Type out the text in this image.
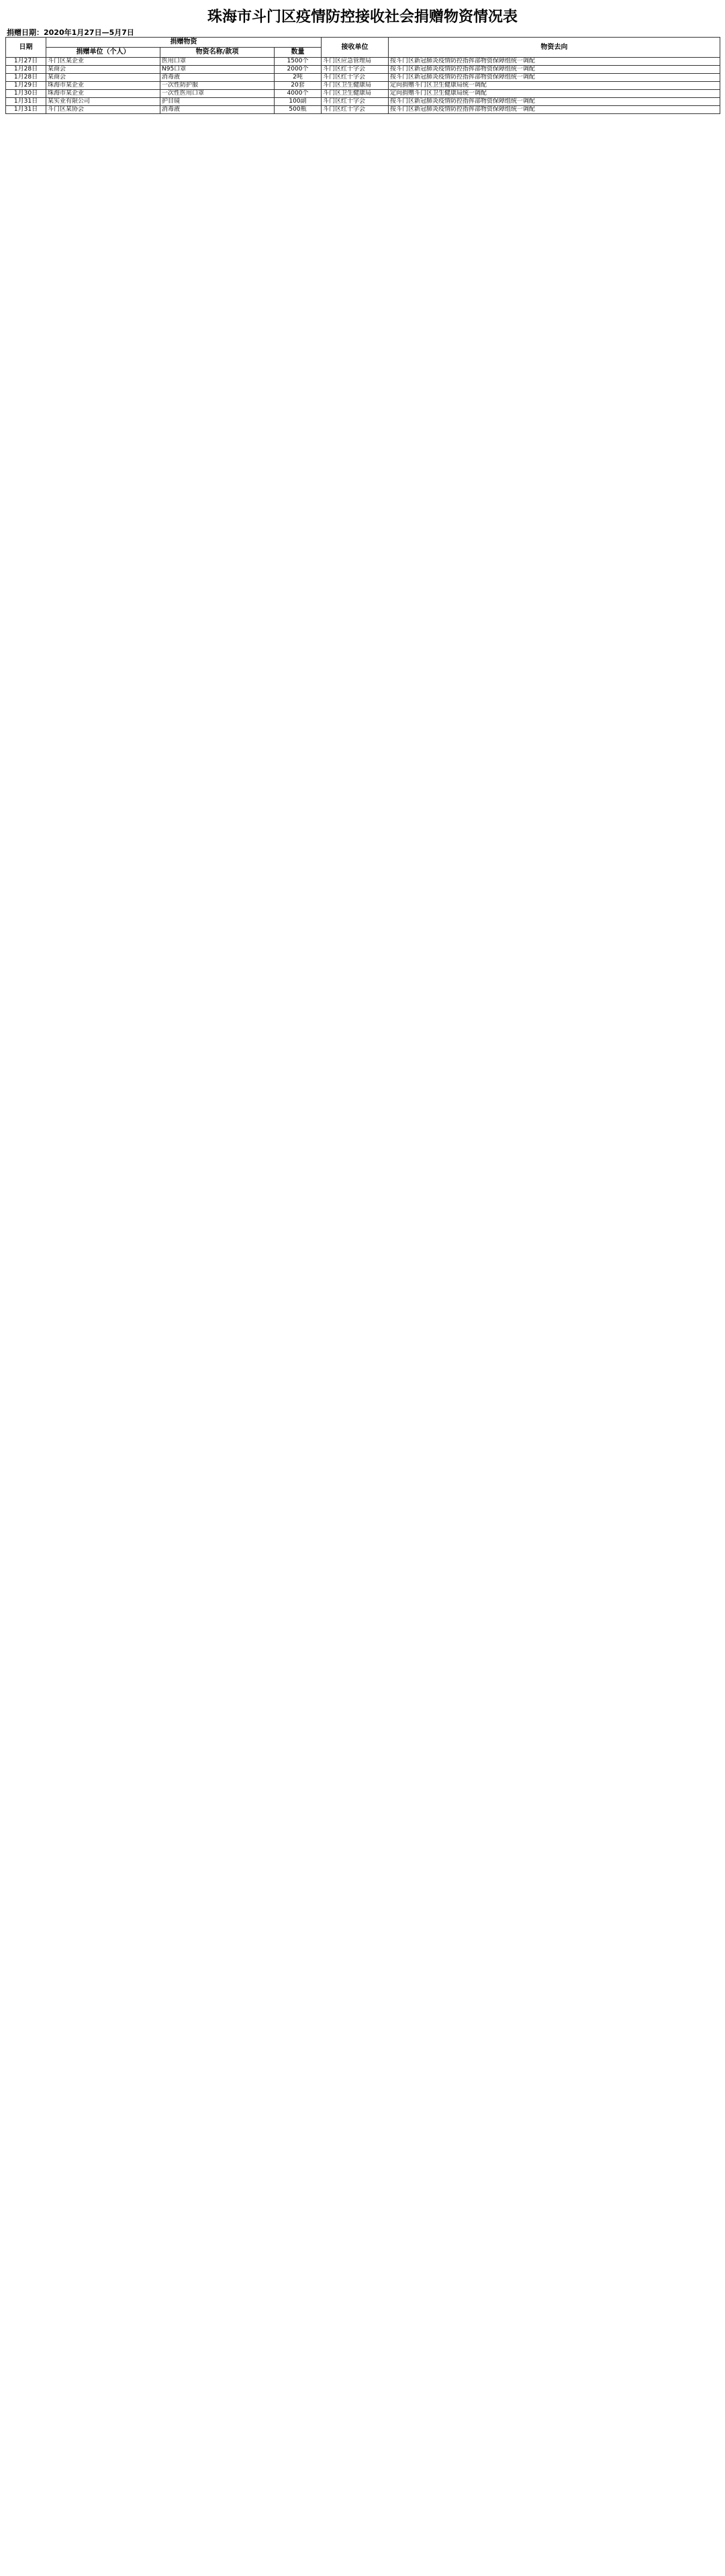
珠海市斗门区疫情防控接收社会捐赠物资情况表
捐赠日期：2020年1月27日—5月7日
日期	捐赠物资			接收单位	物资去向
	捐赠单位（个人）	物资名称/款项	数量		
1月27日	斗门区某企业	医用口罩	1500个	斗门区应急管理局	按斗门区新冠肺炎疫情防控指挥部物资保障组统一调配
1月28日	某商会	N95口罩	2000个	斗门区红十字会	按斗门区新冠肺炎疫情防控指挥部物资保障组统一调配
1月28日	某商会	消毒液	2吨	斗门区红十字会	按斗门区新冠肺炎疫情防控指挥部物资保障组统一调配
1月29日	珠海市某企业	一次性防护服	20套	斗门区卫生健康局	定向捐赠斗门区卫生健康局统一调配
1月30日	珠海市某企业	一次性医用口罩	4000个	斗门区卫生健康局	定向捐赠斗门区卫生健康局统一调配
1月31日	某实业有限公司	护目镜	100副	斗门区红十字会	按斗门区新冠肺炎疫情防控指挥部物资保障组统一调配
1月31日	斗门区某协会	消毒液	500瓶	斗门区红十字会	按斗门区新冠肺炎疫情防控指挥部物资保障组统一调配
